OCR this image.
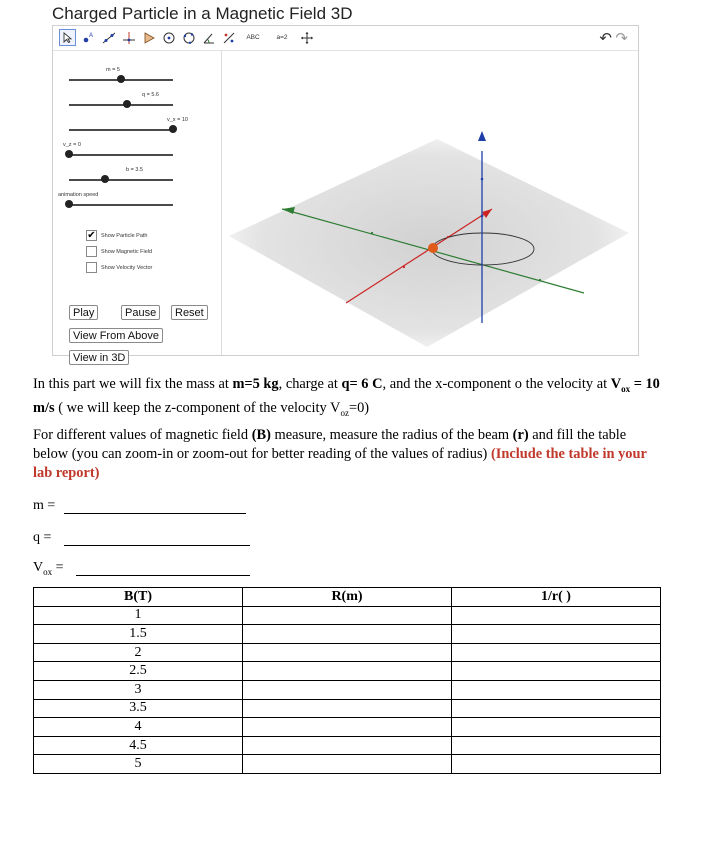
Charged Particle in a Magnetic Field 3D
A	ABC	a=2	↶ ↷
m = 5
q = 5.6
v_x = 10
v_z = 0
b = 3.5
animation speed
✔ Show Particle Path
Show Magnetic Field
Show Velocity Vector
Play	Pause	Reset
View From Above
View in 3D
In this part we will fix the mass at m=5 kg, charge at q= 6 C, and the x-component o the velocity at $V_{ox} = 10$ m/s ( we will keep the z-component of the velocity $V_{oz}=0$)
For different values of magnetic field (B) measure, measure the radius of the beam (r) and fill the table below (you can zoom-in or zoom-out for better reading of the values of radius) (Include the table in your lab report)
m =
q =
$V_{ox}$ =
B(T)	R(m)	1/r( )
1		
1.5		
2		
2.5		
3		
3.5		
4		
4.5		
5		
